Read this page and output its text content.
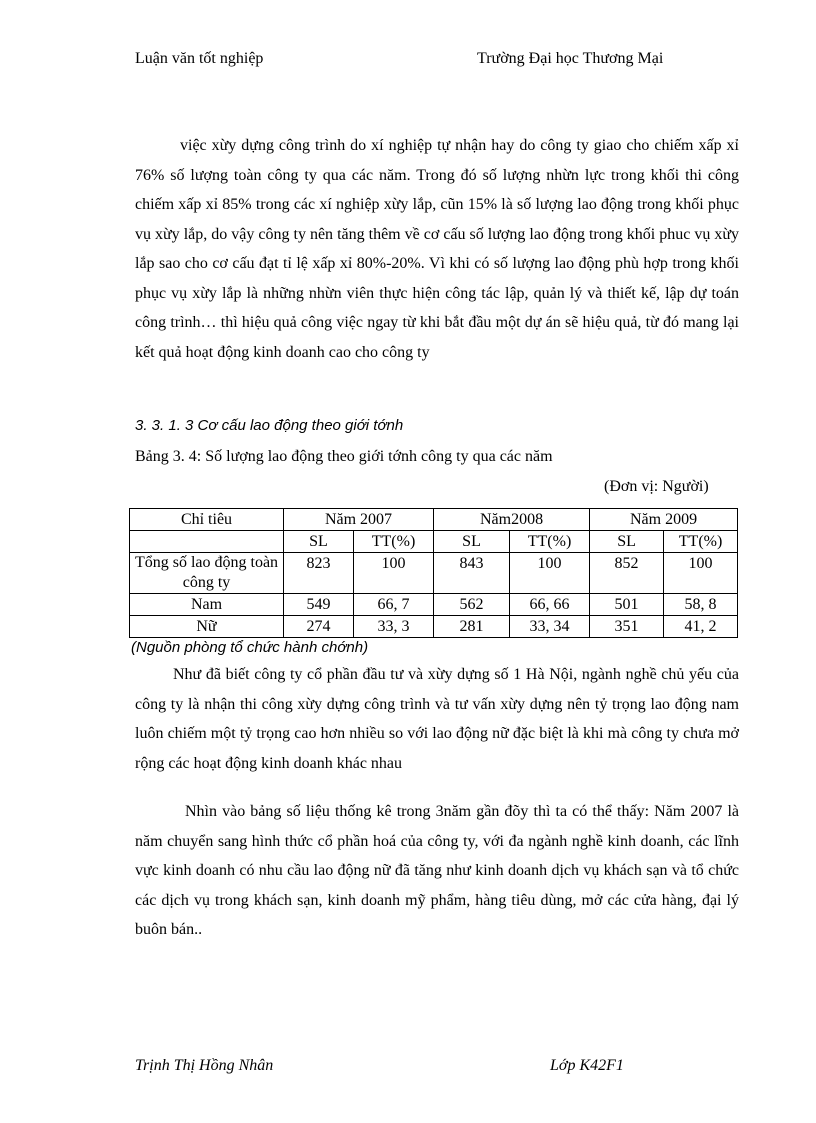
Luận văn tốt nghiệp	Trường Đại học Thương Mại
việc xừy dựng công trình do xí nghiệp tự nhận hay do công ty giao cho chiếm xấp xỉ 76% số lượng toàn công ty qua các năm. Trong đó số lượng nhừn lực trong khối thi công chiếm xấp xỉ 85% trong các xí nghiệp xừy lắp, cũn 15% là số lượng lao động trong khối phục vụ xừy lắp, do vậy công ty nên tăng thêm về cơ cấu số lượng lao động trong khối phuc vụ xừy lắp sao cho cơ cấu đạt tỉ lệ xấp xỉ 80%-20%. Vì khi có số lượng lao động phù hợp trong khối phục vụ xừy lắp là những nhừn viên thực hiện công tác lập, quản lý và thiết kế, lập dự toán công trình… thì hiệu quả công việc ngay từ khi bắt đầu một dự án sẽ hiệu quả, từ đó mang lại kết quả hoạt động kinh doanh cao cho công ty
3. 3. 1. 3 Cơ cấu lao động theo giới tớnh
Bảng 3. 4: Số lượng lao động theo giới tớnh công ty qua các năm
(Đơn vị: Người)
Chỉ tiêu	Năm 2007		Năm2008		Năm 2009	
	SL	TT(%)	SL	TT(%)	SL	TT(%)
Tổng số lao động toàn công ty	823	100	843	100	852	100
Nam	549	66, 7	562	66, 66	501	58, 8
Nữ	274	33, 3	281	33, 34	351	41, 2
(Nguồn phòng tổ chức hành chớnh)
Như đã biết công ty cổ phần đầu tư và xừy dựng số 1 Hà Nội, ngành nghề chủ yếu của công ty là nhận thi công xừy dựng công trình và tư vấn xừy dựng nên tỷ trọng lao động nam luôn chiếm một tỷ trọng cao hơn nhiều so với lao động nữ đặc biệt là khi mà công ty chưa mở rộng các hoạt động kinh doanh khác nhau
Nhìn vào bảng số liệu thống kê trong 3năm gần đõy thì ta có thể thấy: Năm 2007 là năm chuyển sang hình thức cổ phần hoá của công ty, với đa ngành nghề kinh doanh, các lĩnh vực kinh doanh có nhu cầu lao động nữ đã tăng như kinh doanh dịch vụ khách sạn và tổ chức các dịch vụ trong khách sạn, kinh doanh mỹ phẩm, hàng tiêu dùng, mở các cửa hàng, đại lý buôn bán..
Trịnh Thị Hồng Nhân	Lớp K42F1
